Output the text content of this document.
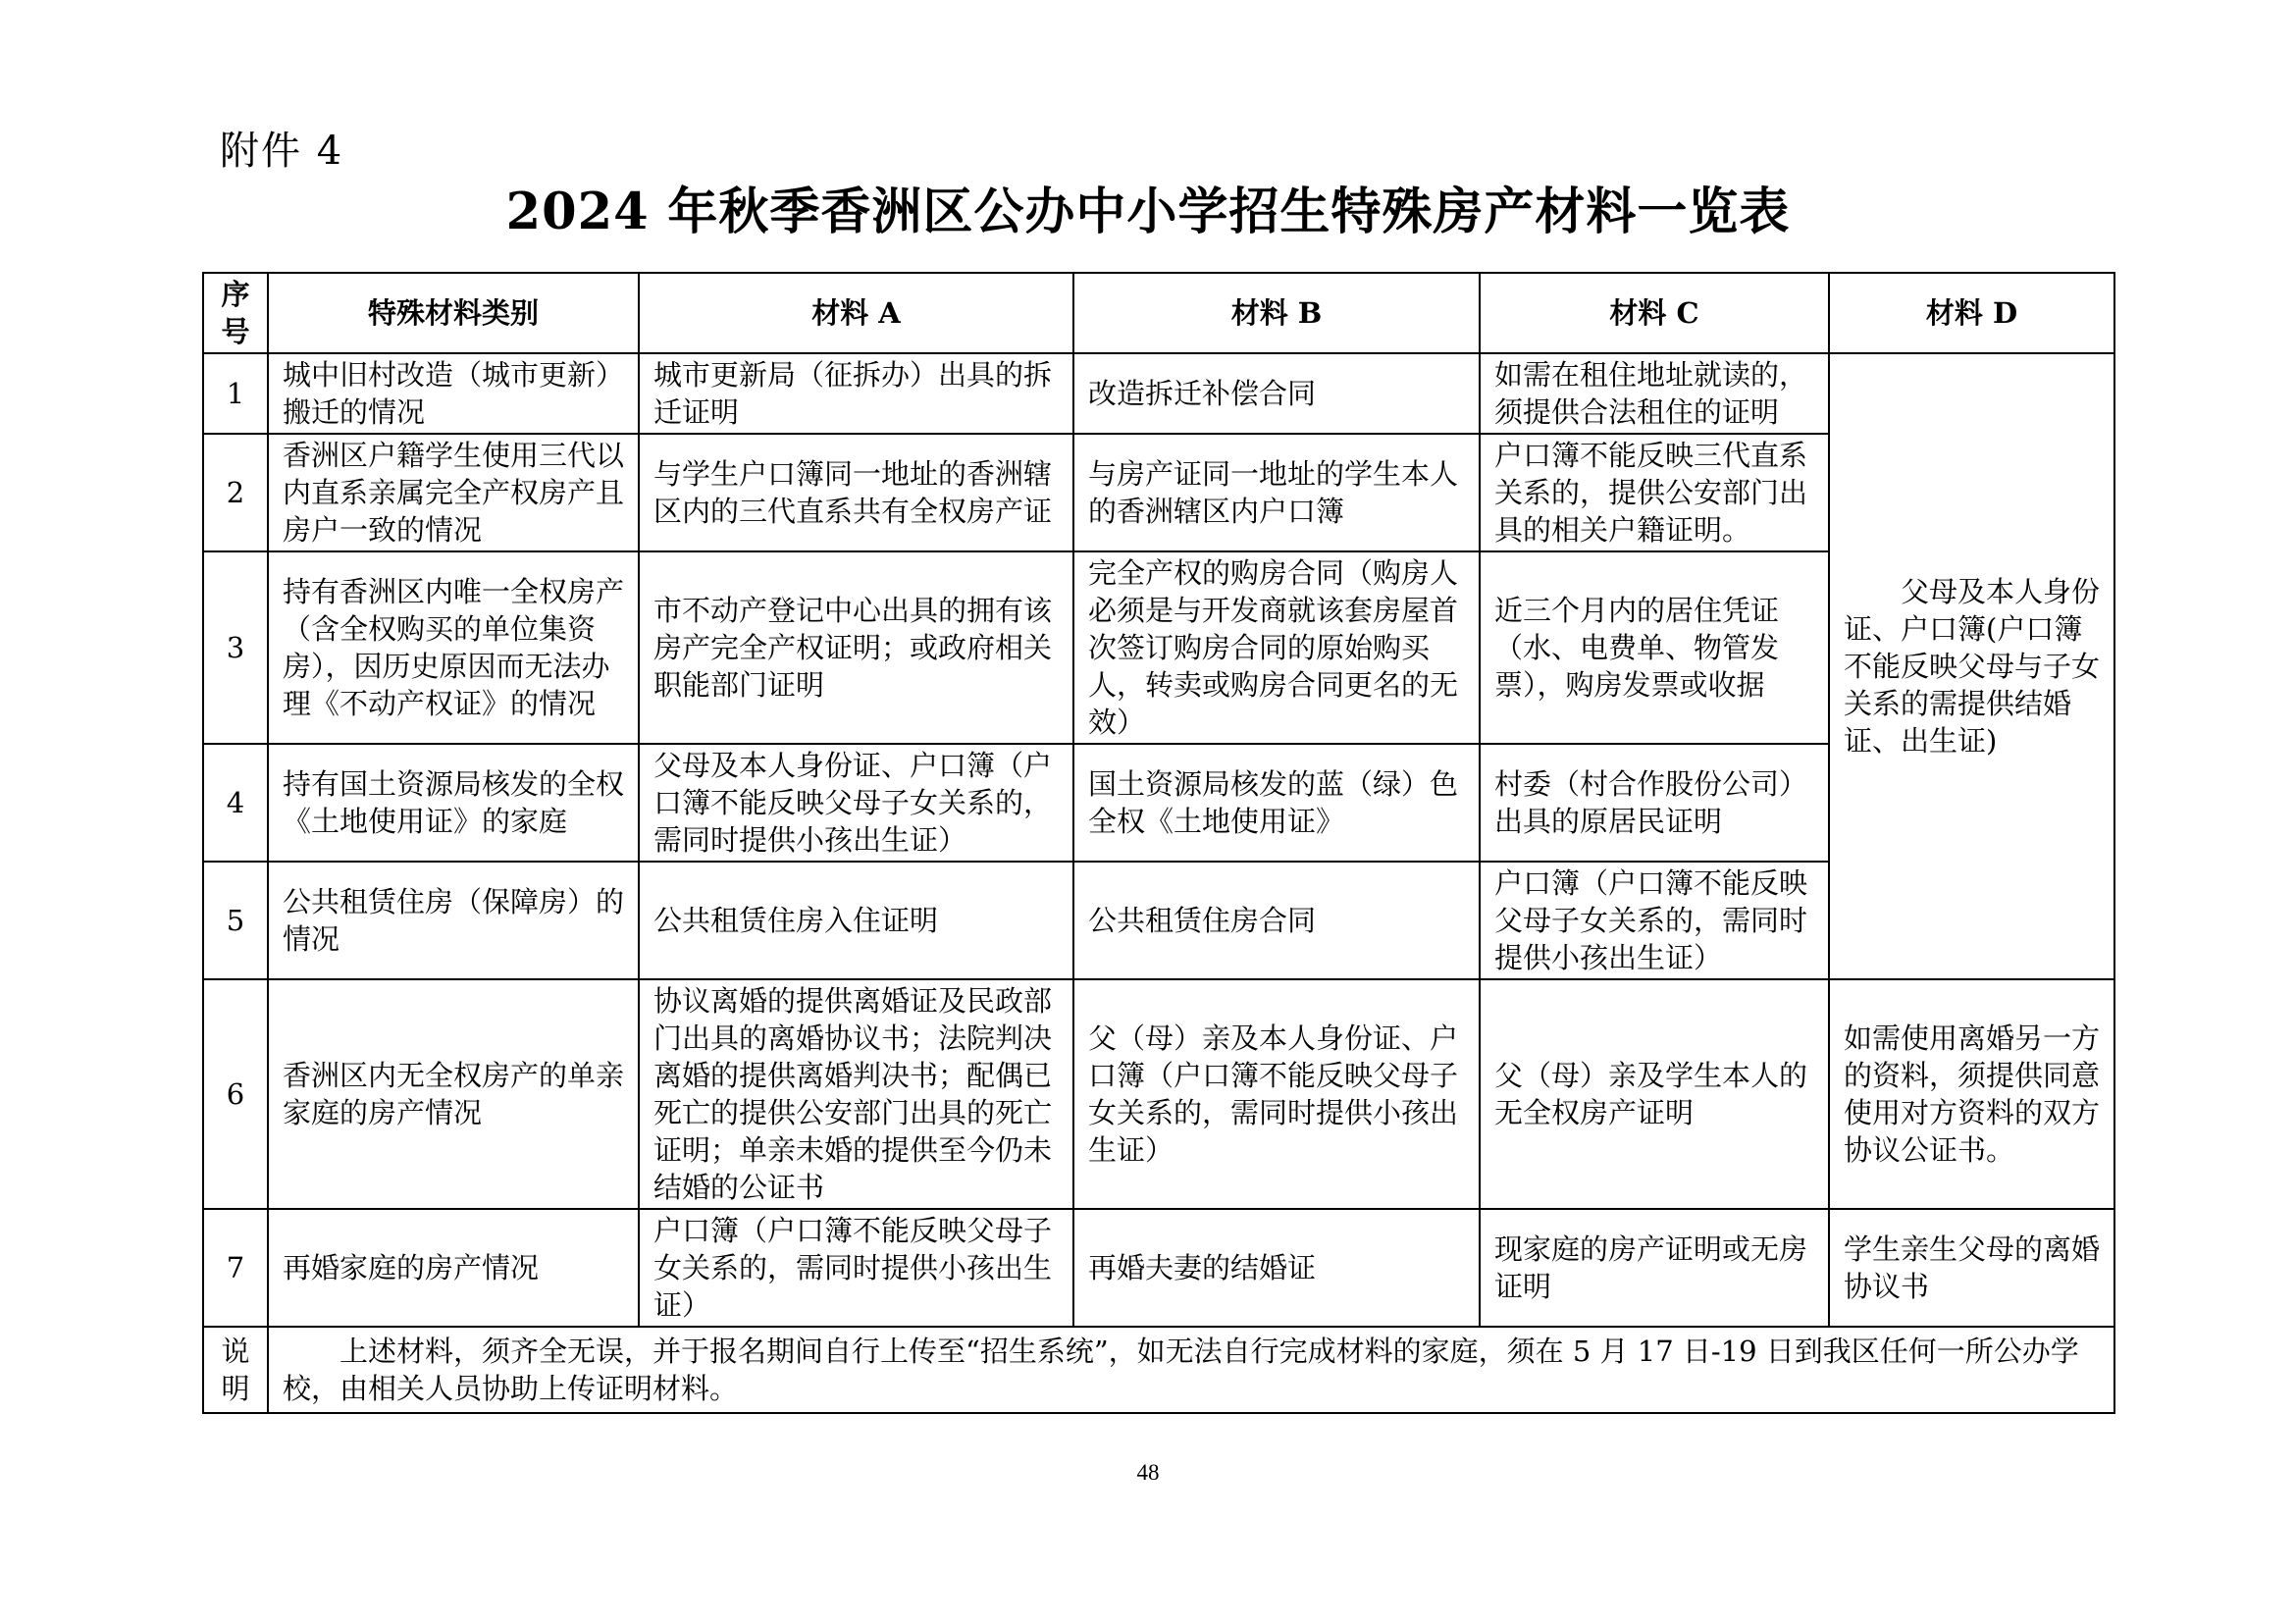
附件 4
2024 年秋季香洲区公办中小学招生特殊房产材料一览表
序号	特殊材料类别	材料 A	材料 B	材料 C	材料 D
1	城中旧村改造（城市更新）搬迁的情况	城市更新局（征拆办）出具的拆迁证明	改造拆迁补偿合同	如需在租住地址就读的，须提供合法租住的证明	父母及本人身份证、户口簿(户口簿不能反映父母与子女关系的需提供结婚证、出生证)
2	香洲区户籍学生使用三代以内直系亲属完全产权房产且房户一致的情况	与学生户口簿同一地址的香洲辖区内的三代直系共有全权房产证	与房产证同一地址的学生本人的香洲辖区内户口簿	户口簿不能反映三代直系关系的，提供公安部门出具的相关户籍证明。	
3	持有香洲区内唯一全权房产（含全权购买的单位集资房），因历史原因而无法办理《不动产权证》的情况	市不动产登记中心出具的拥有该房产完全产权证明；或政府相关职能部门证明	完全产权的购房合同（购房人必须是与开发商就该套房屋首次签订购房合同的原始购买人，转卖或购房合同更名的无效）	近三个月内的居住凭证（水、电费单、物管发票），购房发票或收据	
4	持有国土资源局核发的全权《土地使用证》的家庭	父母及本人身份证、户口簿（户口簿不能反映父母子女关系的，需同时提供小孩出生证）	国土资源局核发的蓝（绿）色全权《土地使用证》	村委（村合作股份公司）出具的原居民证明	
5	公共租赁住房（保障房）的情况	公共租赁住房入住证明	公共租赁住房合同	户口簿（户口簿不能反映父母子女关系的，需同时提供小孩出生证）	
6	香洲区内无全权房产的单亲家庭的房产情况	协议离婚的提供离婚证及民政部门出具的离婚协议书；法院判决离婚的提供离婚判决书；配偶已死亡的提供公安部门出具的死亡证明；单亲未婚的提供至今仍未结婚的公证书	父（母）亲及本人身份证、户口簿（户口簿不能反映父母子女关系的，需同时提供小孩出生证）	父（母）亲及学生本人的无全权房产证明	如需使用离婚另一方的资料，须提供同意使用对方资料的双方协议公证书。
7	再婚家庭的房产情况	户口簿（户口簿不能反映父母子女关系的，需同时提供小孩出生证）	再婚夫妻的结婚证	现家庭的房产证明或无房证明	学生亲生父母的离婚协议书
说明	上述材料，须齐全无误，并于报名期间自行上传至“招生系统”，如无法自行完成材料的家庭，须在 5 月 17 日-19 日到我区任何一所公办学校，由相关人员协助上传证明材料。				
48
